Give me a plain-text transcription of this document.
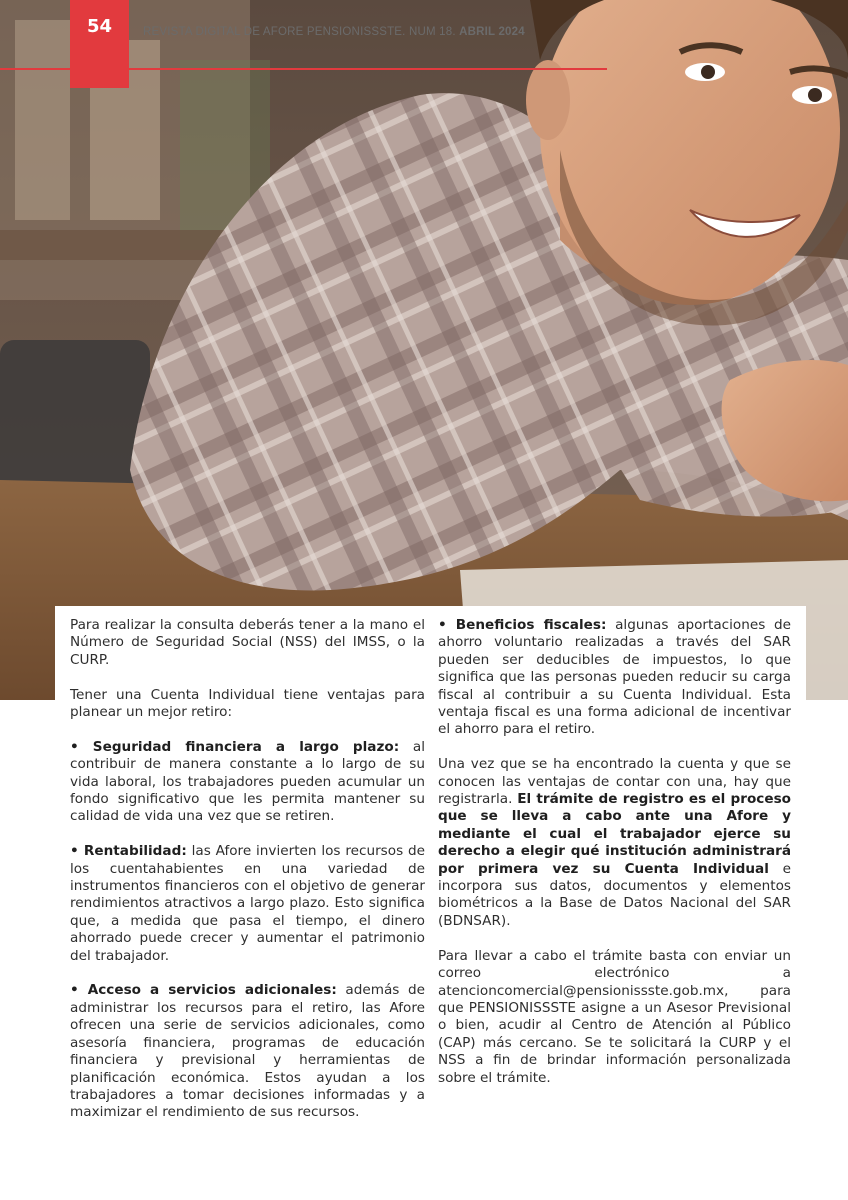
54	REVISTA DIGITAL DE AFORE PENSIONISSSTE. NUM 18. ABRIL 2024

Para realizar la consulta deberás tener a la mano el Número de Seguridad Social (NSS) del IMSS, o la CURP.

Tener una Cuenta Individual tiene ventajas para planear un mejor retiro:

• Seguridad financiera a largo plazo: al contribuir de manera constante a lo largo de su vida laboral, los trabajadores pueden acumular un fondo significativo que les permita mantener su calidad de vida una vez que se retiren.

• Rentabilidad: las Afore invierten los recursos de los cuentahabientes en una variedad de instrumentos financieros con el objetivo de generar rendimientos atractivos a largo plazo. Esto significa que, a medida que pasa el tiempo, el dinero ahorrado puede crecer y aumentar el patrimonio del trabajador.

• Acceso a servicios adicionales: además de administrar los recursos para el retiro, las Afore ofrecen una serie de servicios adicionales, como asesoría financiera, programas de educación financiera y previsional y herramientas de planificación económica. Estos ayudan a los trabajadores a tomar decisiones informadas y a maximizar el rendimiento de sus recursos.

• Beneficios fiscales: algunas aportaciones de ahorro voluntario realizadas a través del SAR pueden ser deducibles de impuestos, lo que significa que las personas pueden reducir su carga fiscal al contribuir a su Cuenta Individual. Esta ventaja fiscal es una forma adicional de incentivar el ahorro para el retiro.

Una vez que se ha encontrado la cuenta y que se conocen las ventajas de contar con una, hay que registrarla. El trámite de registro es el proceso que se lleva a cabo ante una Afore y mediante el cual el trabajador ejerce su derecho a elegir qué institución administrará por primera vez su Cuenta Individual e incorpora sus datos, documentos y elementos biométricos a la Base de Datos Nacional del SAR (BDNSAR).

Para llevar a cabo el trámite basta con enviar un correo electrónico a atencioncomercial@pensionissste.gob.mx, para que PENSIONISSSTE asigne a un Asesor Previsional o bien, acudir al Centro de Atención al Público (CAP) más cercano. Se te solicitará la CURP y el NSS a fin de brindar información personalizada sobre el trámite.
